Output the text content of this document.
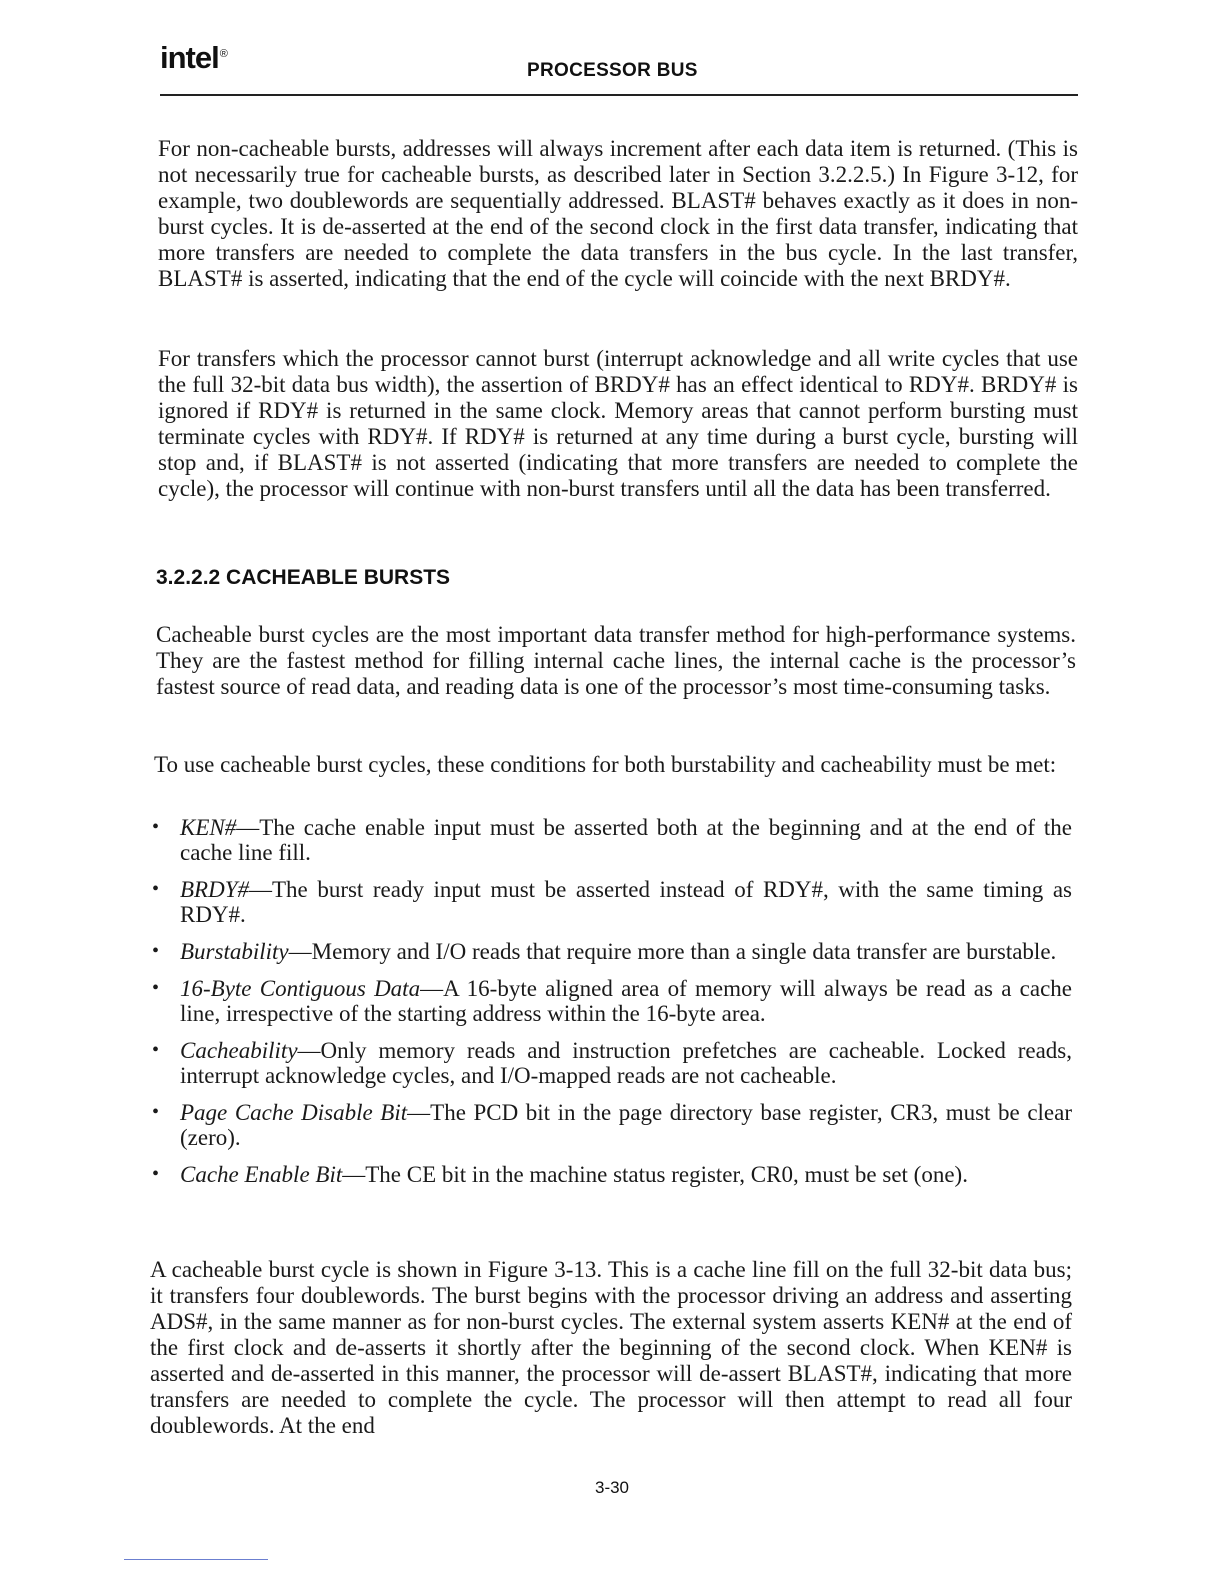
intel®
PROCESSOR BUS

For non-cacheable bursts, addresses will always increment after each data item is returned. (This is not necessarily true for cacheable bursts, as described later in Section 3.2.2.5.) In Figure 3-12, for example, two doublewords are sequentially addressed. BLAST# behaves exactly as it does in non-burst cycles. It is de-asserted at the end of the second clock in the first data transfer, indicating that more transfers are needed to complete the data transfers in the bus cycle. In the last transfer, BLAST# is asserted, indicating that the end of the cycle will coincide with the next BRDY#.

For transfers which the processor cannot burst (interrupt acknowledge and all write cycles that use the full 32-bit data bus width), the assertion of BRDY# has an effect identical to RDY#. BRDY# is ignored if RDY# is returned in the same clock. Memory areas that cannot perform bursting must terminate cycles with RDY#. If RDY# is returned at any time during a burst cycle, bursting will stop and, if BLAST# is not asserted (indicating that more transfers are needed to complete the cycle), the processor will continue with non-burst transfers until all the data has been transferred.

3.2.2.2 CACHEABLE BURSTS

Cacheable burst cycles are the most important data transfer method for high-performance systems. They are the fastest method for filling internal cache lines, the internal cache is the processor’s fastest source of read data, and reading data is one of the processor’s most time-consuming tasks.

To use cacheable burst cycles, these conditions for both burstability and cacheability must be met:

• KEN#—The cache enable input must be asserted both at the beginning and at the end of the cache line fill.
• BRDY#—The burst ready input must be asserted instead of RDY#, with the same timing as RDY#.
• Burstability—Memory and I/O reads that require more than a single data transfer are burstable.
• 16-Byte Contiguous Data—A 16-byte aligned area of memory will always be read as a cache line, irrespective of the starting address within the 16-byte area.
• Cacheability—Only memory reads and instruction prefetches are cacheable. Locked reads, interrupt acknowledge cycles, and I/O-mapped reads are not cacheable.
• Page Cache Disable Bit—The PCD bit in the page directory base register, CR3, must be clear (zero).
• Cache Enable Bit—The CE bit in the machine status register, CR0, must be set (one).

A cacheable burst cycle is shown in Figure 3-13. This is a cache line fill on the full 32-bit data bus; it transfers four doublewords. The burst begins with the processor driving an address and asserting ADS#, in the same manner as for non-burst cycles. The external system asserts KEN# at the end of the first clock and de-asserts it shortly after the beginning of the second clock. When KEN# is asserted and de-asserted in this manner, the processor will de-assert BLAST#, indicating that more transfers are needed to complete the cycle. The processor will then attempt to read all four doublewords. At the end

3-30
